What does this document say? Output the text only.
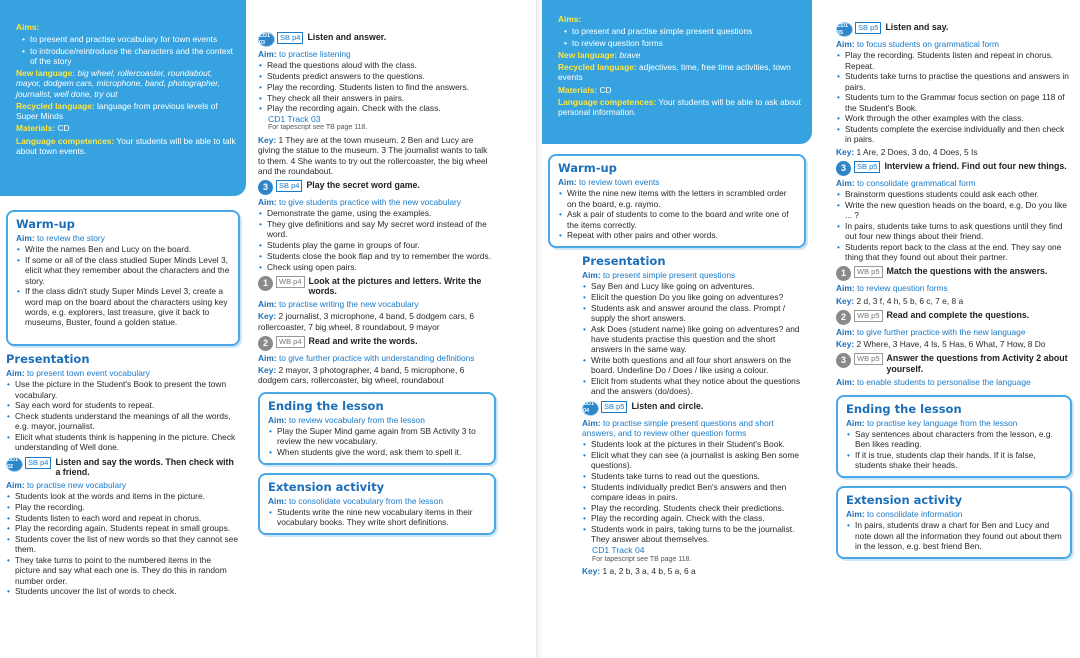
Aims:

• to present and practise vocabulary for town events
• to introduce/reintroduce the characters and the context of the story

New language: big wheel, rollercoaster, roundabout, mayor, dodgem cars, microphone, band, photographer, journalist, well done, try out

Recycled language: language from previous levels of Super Minds

Materials: CD

Language competences: Your students will be able to talk about town events.

Warm-up
Aim: to review the story
• Write the names Ben and Lucy on the board.
• If some or all of the class studied Super Minds Level 3, elicit what they remember about the characters and the story.
• If the class didn't study Super Minds Level 3, create a word map on the board about the characters using key words, e.g. explorers, last treasure, give it back to museums, Buster, found a golden statue.
Presentation
Aim: to present town event vocabulary
• Use the picture in the Student's Book to present the town vocabulary.
• Say each word for students to repeat.
• Check students understand the meanings of all the words, e.g. mayor, journalist.
• Elicit what students think is happening in the picture. Check understanding of Well done.
CD1 02
SB p4 Listen and say the words. Then check with a friend.
Aim: to practise new vocabulary
• Students look at the words and items in the picture.
• Play the recording.
• Students listen to each word and repeat in chorus.
• Play the recording again. Students repeat in small groups.
• Students cover the list of new words so that they cannot see them.
• They take turns to point to the numbered items in the picture and say what each one is. They do this in random number order.
• Students uncover the list of words to check.
CD1 03
SB p4 Listen and answer.
Aim: to practise listening
• Read the questions aloud with the class.
• Students predict answers to the questions.
• Play the recording. Students listen to find the answers.
• They check all their answers in pairs.
• Play the recording again. Check with the class.
CD1 Track 03
For tapescript see TB page 118.
Key: 1 They are at the town museum. 2 Ben and Lucy are giving the statue to the museum. 3 The journalist wants to talk to them. 4 She wants to try out the rollercoaster, the big wheel and the roundabout.
3	SB p4 Play the secret word game.
Aim: to give students practice with the new vocabulary
• Demonstrate the game, using the examples.
• They give definitions and say My secret word instead of the word.
• Students play the game in groups of four.
• Students close the book flap and try to remember the words.
• Check using open pairs.
1	WB p4 Look at the pictures and letters. Write the words.
Aim: to practise writing the new vocabulary
Key: 2 journalist, 3 microphone, 4 band, 5 dodgem cars, 6 rollercoaster, 7 big wheel, 8 roundabout, 9 mayor
2	WB p4 Read and write the words.
Aim: to give further practice with understanding definitions
Key: 2 mayor, 3 photographer, 4 band, 5 microphone, 6 dodgem cars, rollercoaster, big wheel, roundabout
Ending the lesson
Aim: to review vocabulary from the lesson
• Play the Super Mind game again from SB Activity 3 to review the new vocabulary.
• When students give the word, ask them to spell it.
Extension activity
Aim: to consolidate vocabulary from the lesson
• Students write the nine new vocabulary items in their vocabulary books. They write short definitions.

Aims:

• to present and practise simple present questions
• to review question forms

New language: brave

Recycled language: adjectives, time, free time activities, town events

Materials: CD

Language competences: Your students will be able to ask about personal information.

Warm-up
Aim: to review town events
• Write the nine new items with the letters in scrambled order on the board, e.g. raymo.
• Ask a pair of students to come to the board and write one of the items correctly.
• Repeat with other pairs and other words.
Presentation
Aim: to present simple present questions
• Say Ben and Lucy like going on adventures.
• Elicit the question Do you like going on adventures?
• Students ask and answer around the class. Prompt / supply the short answers.
• Ask Does (student name) like going on adventures? and have students practise this question and the short answers in the same way.
• Write both questions and all four short answers on the board. Underline Do / Does / like using a colour.
• Elicit from students what they notice about the questions and the answers (do/does).
CD1 04
SB p5 Listen and circle.
Aim: to practise simple present questions and short answers, and to review other question forms
• Students look at the pictures in their Student's Book.
• Elicit what they can see (a journalist is asking Ben some questions).
• Students take turns to read out the questions.
• Students individually predict Ben's answers and then compare ideas in pairs.
• Play the recording. Students check their predictions.
• Play the recording again. Check with the class.
• Students work in pairs, taking turns to be the journalist. They answer about themselves.
CD1 Track 04
For tapescript see TB page 118.
Key: 1 a, 2 b, 3 a, 4 b, 5 a, 6 a
CD1 05
SB p5 Listen and say.
Aim: to focus students on grammatical form
• Play the recording. Students listen and repeat in chorus. Repeat.
• Students take turns to practise the questions and answers in pairs.
• Students turn to the Grammar focus section on page 118 of the Student's Book.
• Work through the other examples with the class.
• Students complete the exercise individually and then check in pairs.
Key: 1 Are, 2 Does, 3 do, 4 Does, 5 Is
3	SB p5 Interview a friend. Find out four new things.
Aim: to consolidate grammatical form
• Brainstorm questions students could ask each other.
• Write the new question heads on the board, e.g. Do you like ... ?
• In pairs, students take turns to ask questions until they find out four new things about their friend.
• Students report back to the class at the end. They say one thing that they found out about their partner.
1	WB p5 Match the questions with the answers.
Aim: to review question forms
Key: 2 d, 3 f, 4 h, 5 b, 6 c, 7 e, 8 a
2	WB p5 Read and complete the questions.
Aim: to give further practice with the new language
Key: 2 Where, 3 Have, 4 Is, 5 Has, 6 What, 7 How, 8 Do
3	WB p5 Answer the questions from Activity 2 about yourself.
Aim: to enable students to personalise the language
Ending the lesson
Aim: to practise key language from the lesson
• Say sentences about characters from the lesson, e.g. Ben likes reading.
• If it is true, students clap their hands. If it is false, students shake their heads.
Extension activity
Aim: to consolidate information
• In pairs, students draw a chart for Ben and Lucy and note down all the information they found out about them in the lesson, e.g. best friend Ben.
